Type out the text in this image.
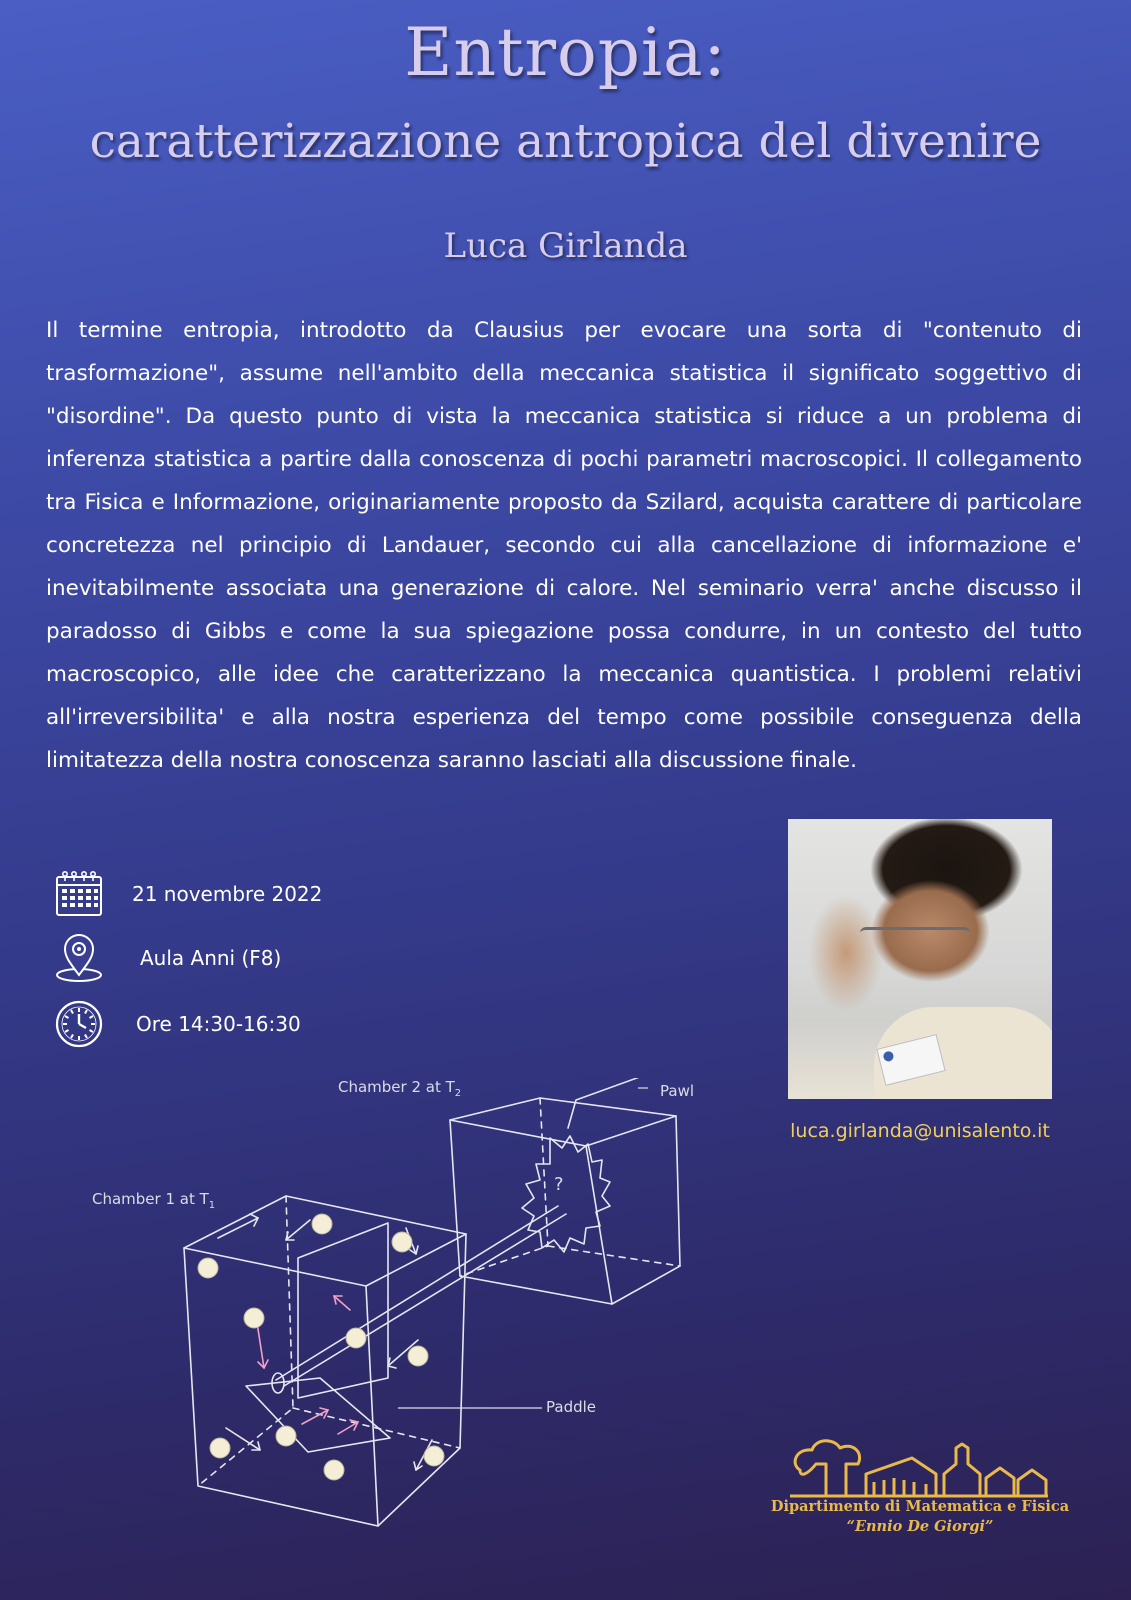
Entropia:
caratterizzazione antropica del divenire
Luca Girlanda

Il termine entropia, introdotto da Clausius per evocare una sorta di "contenuto di trasformazione", assume nell'ambito della meccanica statistica il significato soggettivo di "disordine". Da questo punto di vista la meccanica statistica si riduce a un problema di inferenza statistica a partire dalla conoscenza di pochi parametri macroscopici. Il collegamento tra Fisica e Informazione, originariamente proposto da Szilard, acquista carattere di particolare concretezza nel principio di Landauer, secondo cui alla cancellazione di informazione e' inevitabilmente associata una generazione di calore. Nel seminario verra' anche discusso il paradosso di Gibbs e come la sua spiegazione possa condurre, in un contesto del tutto macroscopico, alle idee che caratterizzano la meccanica quantistica. I problemi relativi all'irreversibilita' e alla nostra esperienza del tempo come possibile conseguenza della limitatezza della nostra conoscenza saranno lasciati alla discussione finale.

21 novembre 2022
Aula Anni (F8)
Ore 14:30-16:30
luca.girlanda@unisalento.it
Chamber 2 at $T_2$
Chamber 1 at $T_1$
Pawl
Paddle
?
Dipartimento di Matematica e Fisica
“Ennio De Giorgi”
